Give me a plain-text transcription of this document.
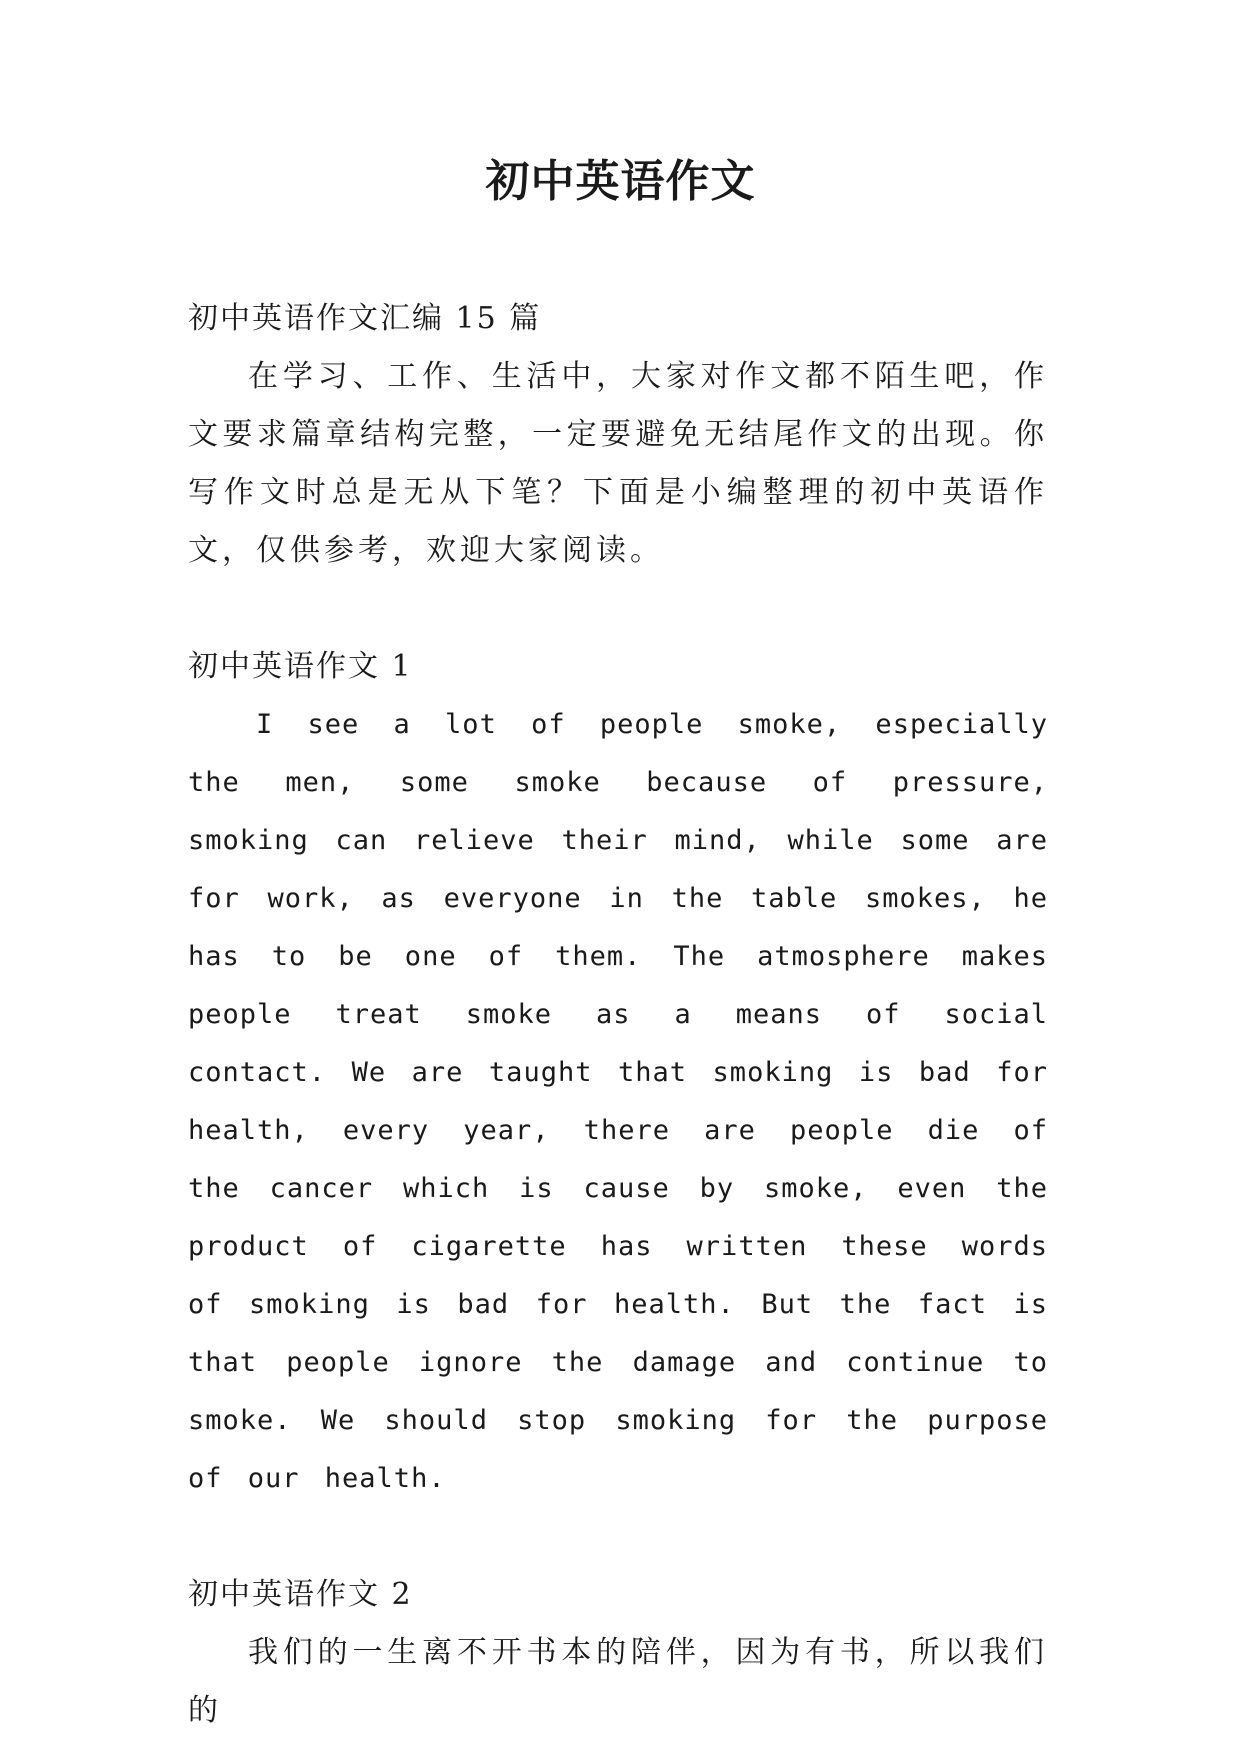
初中英语作文

初中英语作文汇编 15 篇

在学习、工作、生活中，大家对作文都不陌生吧，作文要求篇章结构完整，一定要避免无结尾作文的出现。你写作文时总是无从下笔？下面是小编整理的初中英语作文，仅供参考，欢迎大家阅读。

初中英语作文 1

I see a lot of people smoke, especially the men, some smoke because of pressure, smoking can relieve their mind, while some are for work, as everyone in the table smokes, he has to be one of them. The atmosphere makes people treat smoke as a means of social contact. We are taught that smoking is bad for health, every year, there are people die of the cancer which is cause by smoke, even the product of cigarette has written these words of smoking is bad for health. But the fact is that people ignore the damage and continue to smoke. We should stop smoking for the purpose of our health.

初中英语作文 2

我们的一生离不开书本的陪伴，因为有书，所以我们的
